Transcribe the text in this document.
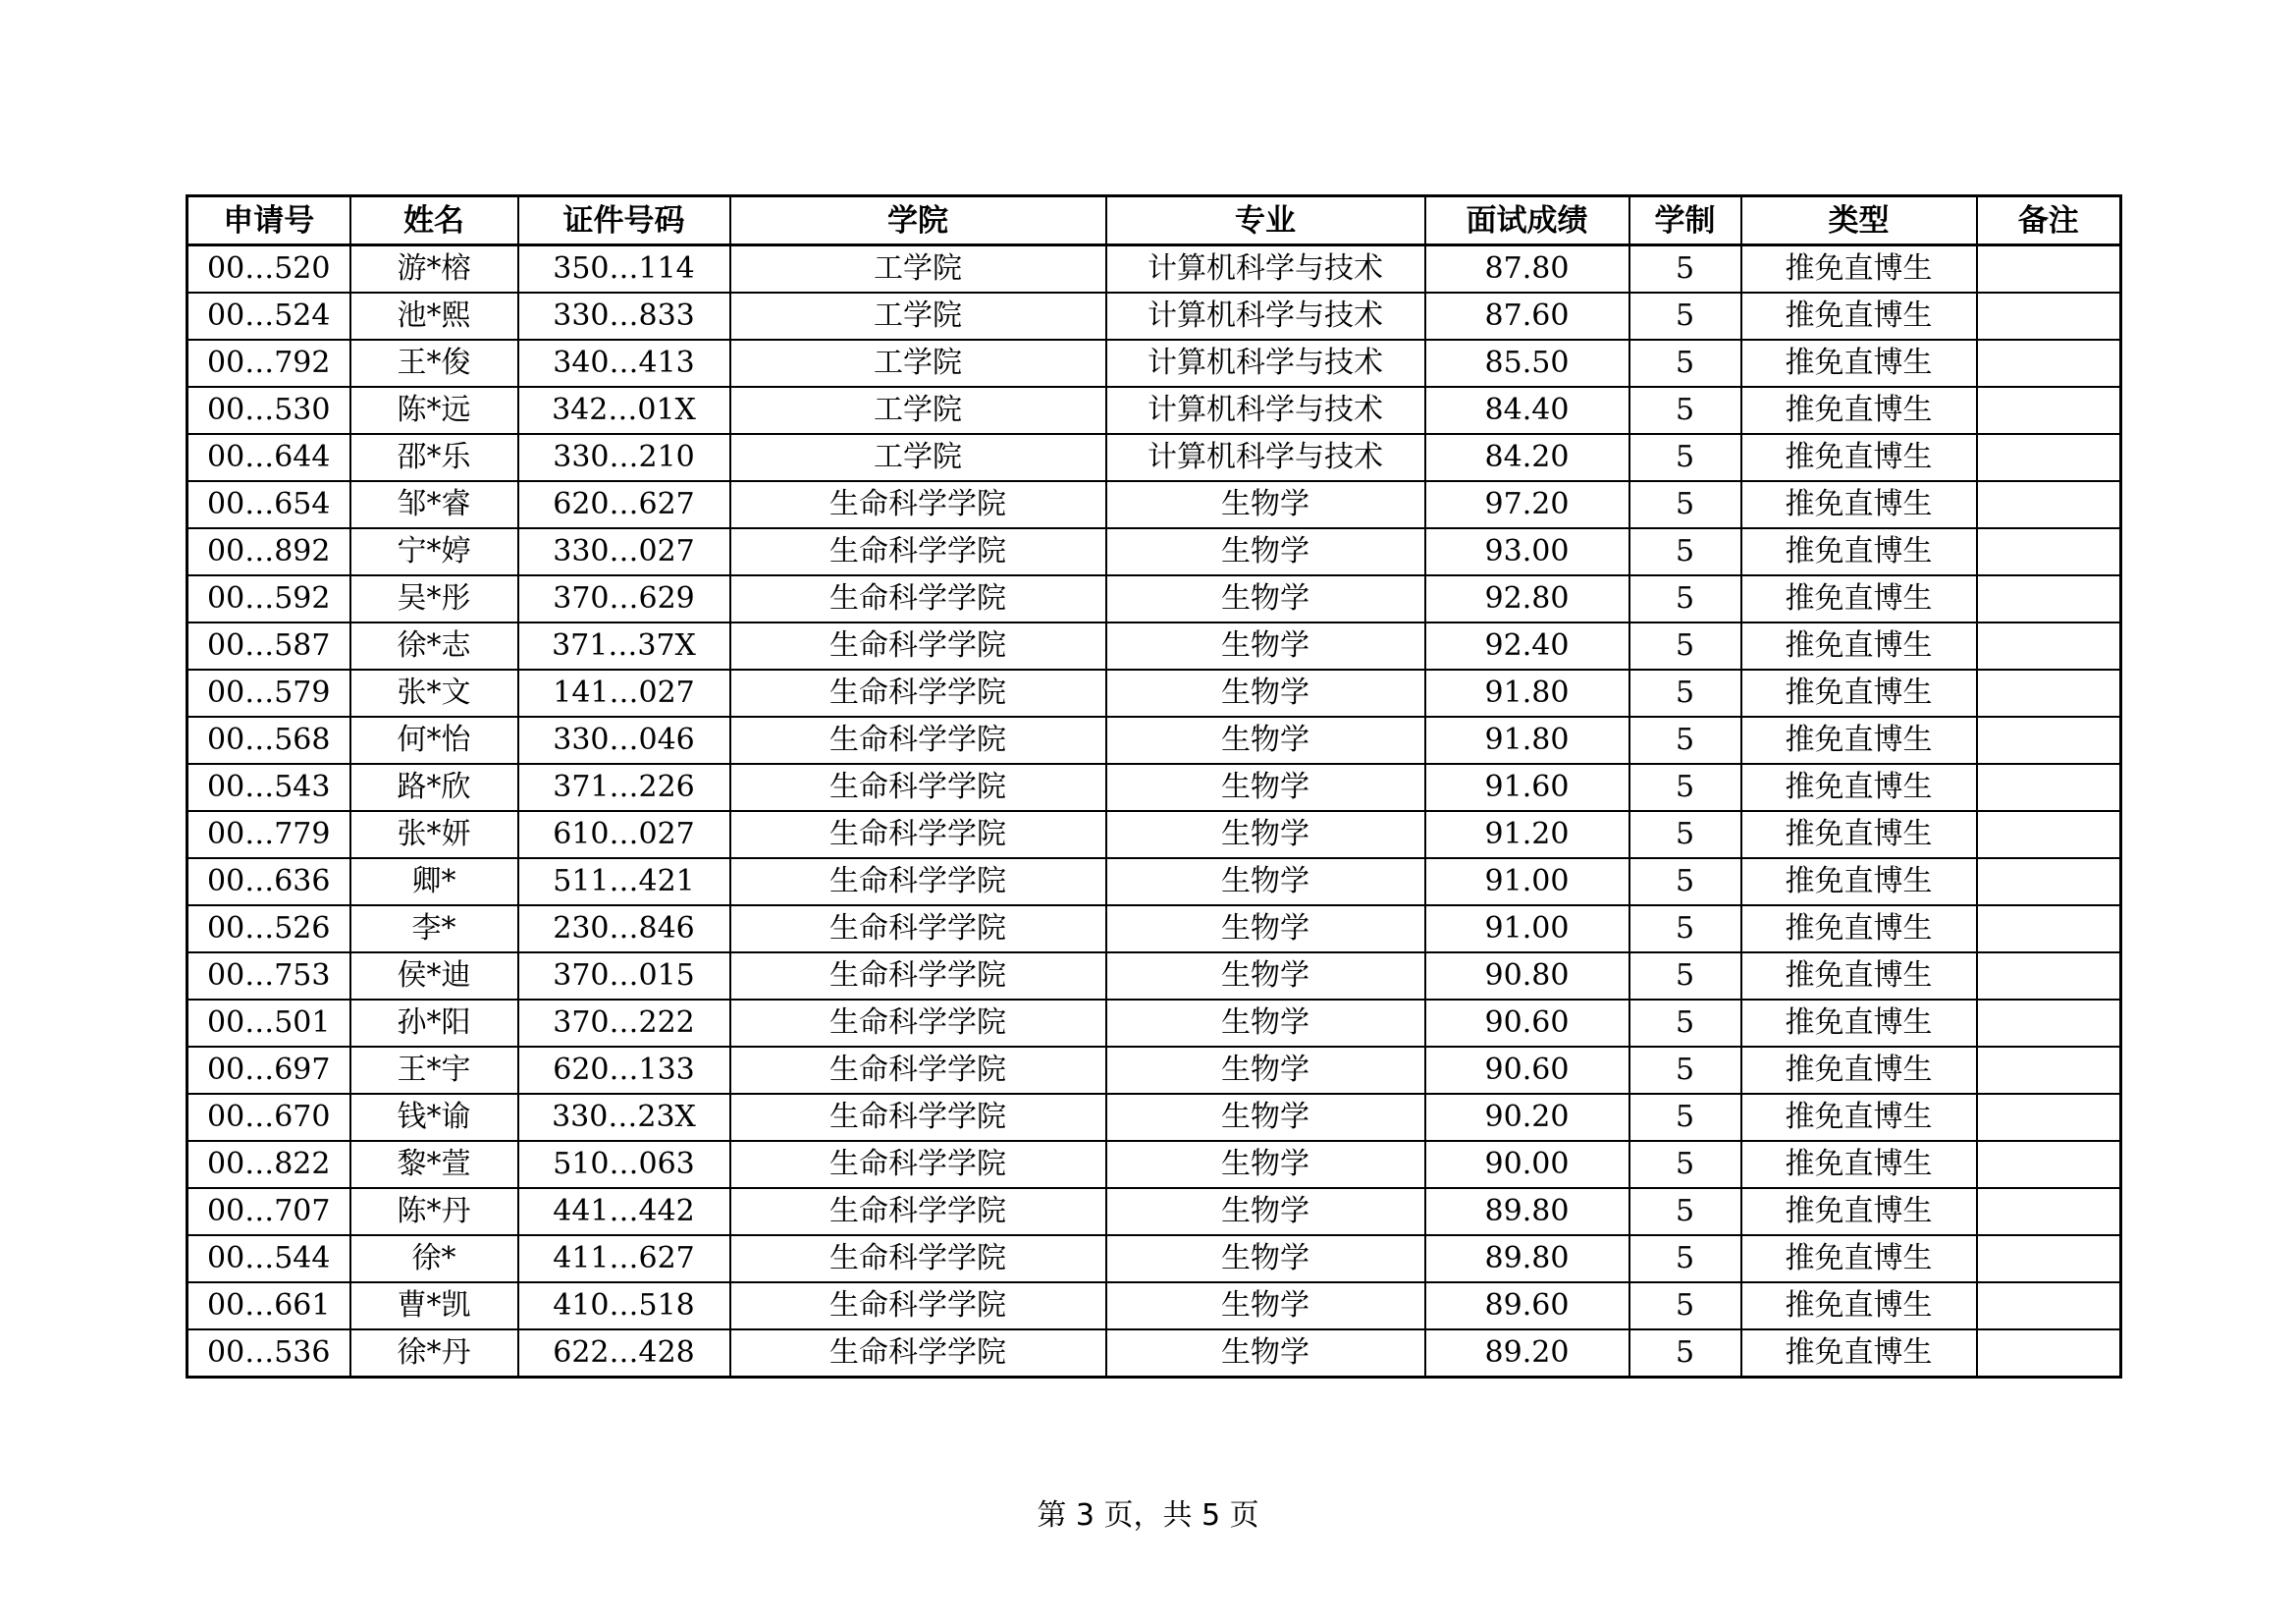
申请号	姓名	证件号码	学院	专业	面试成绩	学制	类型	备注
00…520	游*榕	350…114	工学院	计算机科学与技术	87.80	5	推免直博生	
00…524	池*熙	330…833	工学院	计算机科学与技术	87.60	5	推免直博生	
00…792	王*俊	340…413	工学院	计算机科学与技术	85.50	5	推免直博生	
00…530	陈*远	342…01X	工学院	计算机科学与技术	84.40	5	推免直博生	
00…644	邵*乐	330…210	工学院	计算机科学与技术	84.20	5	推免直博生	
00…654	邹*睿	620…627	生命科学学院	生物学	97.20	5	推免直博生	
00…892	宁*婷	330…027	生命科学学院	生物学	93.00	5	推免直博生	
00…592	吴*彤	370…629	生命科学学院	生物学	92.80	5	推免直博生	
00…587	徐*志	371…37X	生命科学学院	生物学	92.40	5	推免直博生	
00…579	张*文	141…027	生命科学学院	生物学	91.80	5	推免直博生	
00…568	何*怡	330…046	生命科学学院	生物学	91.80	5	推免直博生	
00…543	路*欣	371…226	生命科学学院	生物学	91.60	5	推免直博生	
00…779	张*妍	610…027	生命科学学院	生物学	91.20	5	推免直博生	
00…636	卿*	511…421	生命科学学院	生物学	91.00	5	推免直博生	
00…526	李*	230…846	生命科学学院	生物学	91.00	5	推免直博生	
00…753	侯*迪	370…015	生命科学学院	生物学	90.80	5	推免直博生	
00…501	孙*阳	370…222	生命科学学院	生物学	90.60	5	推免直博生	
00…697	王*宇	620…133	生命科学学院	生物学	90.60	5	推免直博生	
00…670	钱*谕	330…23X	生命科学学院	生物学	90.20	5	推免直博生	
00…822	黎*萱	510…063	生命科学学院	生物学	90.00	5	推免直博生	
00…707	陈*丹	441…442	生命科学学院	生物学	89.80	5	推免直博生	
00…544	徐*	411…627	生命科学学院	生物学	89.80	5	推免直博生	
00…661	曹*凯	410…518	生命科学学院	生物学	89.60	5	推免直博生	
00…536	徐*丹	622…428	生命科学学院	生物学	89.20	5	推免直博生	
第 3 页，共 5 页
